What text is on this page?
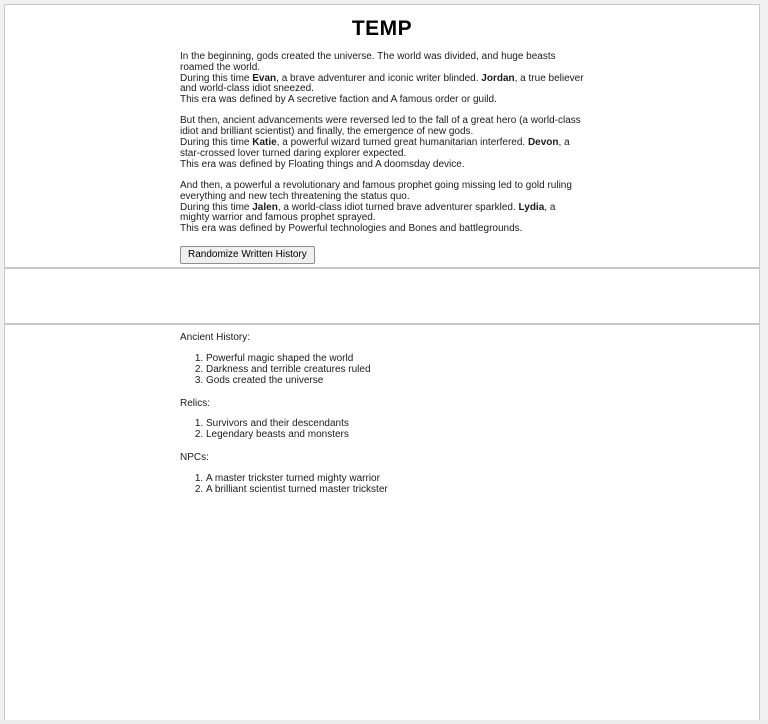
TEMP

In the beginning, gods created the universe. The world was divided, and huge beasts roamed the world.
During this time Evan, a brave adventurer and iconic writer blinded. Jordan, a true believer and world-class idiot sneezed.
This era was defined by A secretive faction and A famous order or guild.

But then, ancient advancements were reversed led to the fall of a great hero (a world-class idiot and brilliant scientist) and finally, the emergence of new gods.
During this time Katie, a powerful wizard turned great humanitarian interfered. Devon, a star-crossed lover turned daring explorer expected.
This era was defined by Floating things and A doomsday device.

And then, a powerful a revolutionary and famous prophet going missing led to gold ruling everything and new tech threatening the status quo.
During this time Jalen, a world-class idiot turned brave adventurer sparkled. Lydia, a mighty warrior and famous prophet sprayed.
This era was defined by Powerful technologies and Bones and battlegrounds.

Randomize Written History

Ancient History:

1. Powerful magic shaped the world
2. Darkness and terrible creatures ruled
3. Gods created the universe

Relics:

1. Survivors and their descendants
2. Legendary beasts and monsters

NPCs:

1. A master trickster turned mighty warrior
2. A brilliant scientist turned master trickster
